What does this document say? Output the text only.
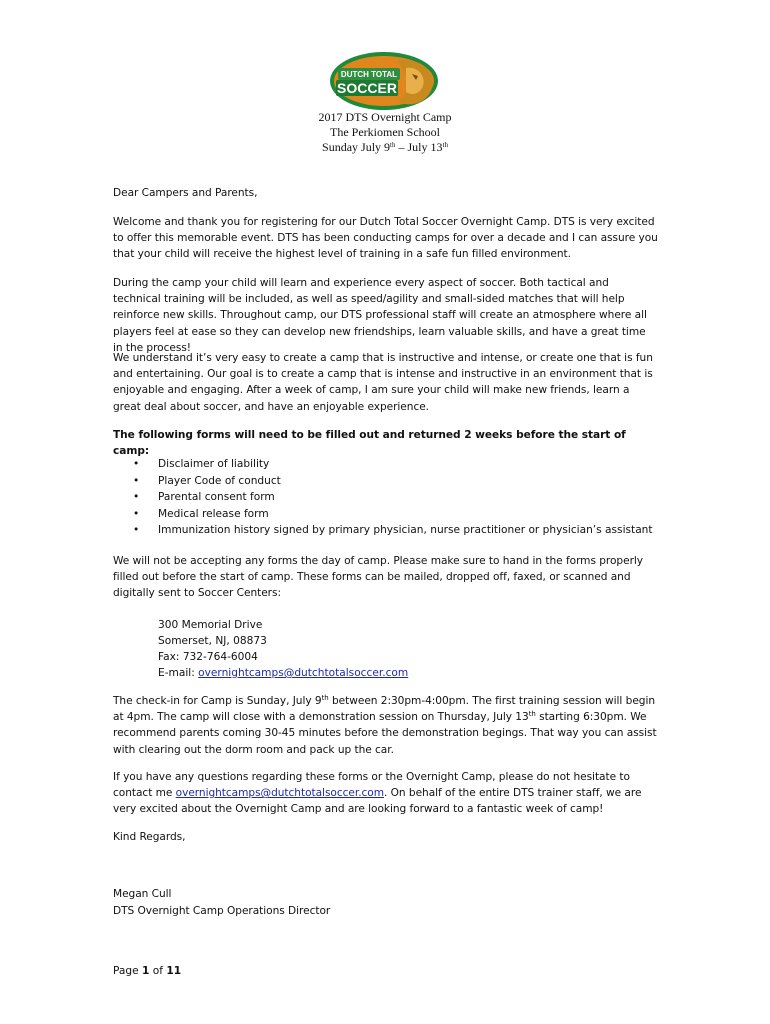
DUTCH TOTAL
SOCCER
2017 DTS Overnight Camp
The Perkiomen School
Sunday July 9th – July 13th
Dear Campers and Parents,

Welcome and thank you for registering for our Dutch Total Soccer Overnight Camp. DTS is very excited to offer this memorable event. DTS has been conducting camps for over a decade and I can assure you that your child will receive the highest level of training in a safe fun filled environment.

During the camp your child will learn and experience every aspect of soccer. Both tactical and technical training will be included, as well as speed/agility and small-sided matches that will help reinforce new skills. Throughout camp, our DTS professional staff will create an atmosphere where all players feel at ease so they can develop new friendships, learn valuable skills, and have a great time in the process!

We understand it’s very easy to create a camp that is instructive and intense, or create one that is fun and entertaining. Our goal is to create a camp that is intense and instructive in an environment that is enjoyable and engaging. After a week of camp, I am sure your child will make new friends, learn a great deal about soccer, and have an enjoyable experience.

The following forms will need to be filled out and returned 2 weeks before the start of camp:
• Disclaimer of liability
• Player Code of conduct
• Parental consent form
• Medical release form
• Immunization history signed by primary physician, nurse practitioner or physician’s assistant

We will not be accepting any forms the day of camp. Please make sure to hand in the forms properly filled out before the start of camp. These forms can be mailed, dropped off, faxed, or scanned and digitally sent to Soccer Centers:

300 Memorial Drive
Somerset, NJ, 08873
Fax: 732-764-6004
E-mail: overnightcamps@dutchtotalsoccer.com

The check-in for Camp is Sunday, July 9th between 2:30pm-4:00pm. The first training session will begin at 4pm. The camp will close with a demonstration session on Thursday, July 13th starting 6:30pm. We recommend parents coming 30-45 minutes before the demonstration begings. That way you can assist with clearing out the dorm room and pack up the car.

If you have any questions regarding these forms or the Overnight Camp, please do not hesitate to contact me overnightcamps@dutchtotalsoccer.com. On behalf of the entire DTS trainer staff, we are very excited about the Overnight Camp and are looking forward to a fantastic week of camp!

Kind Regards,
Megan Cull
DTS Overnight Camp Operations Director
Page 1 of 11
